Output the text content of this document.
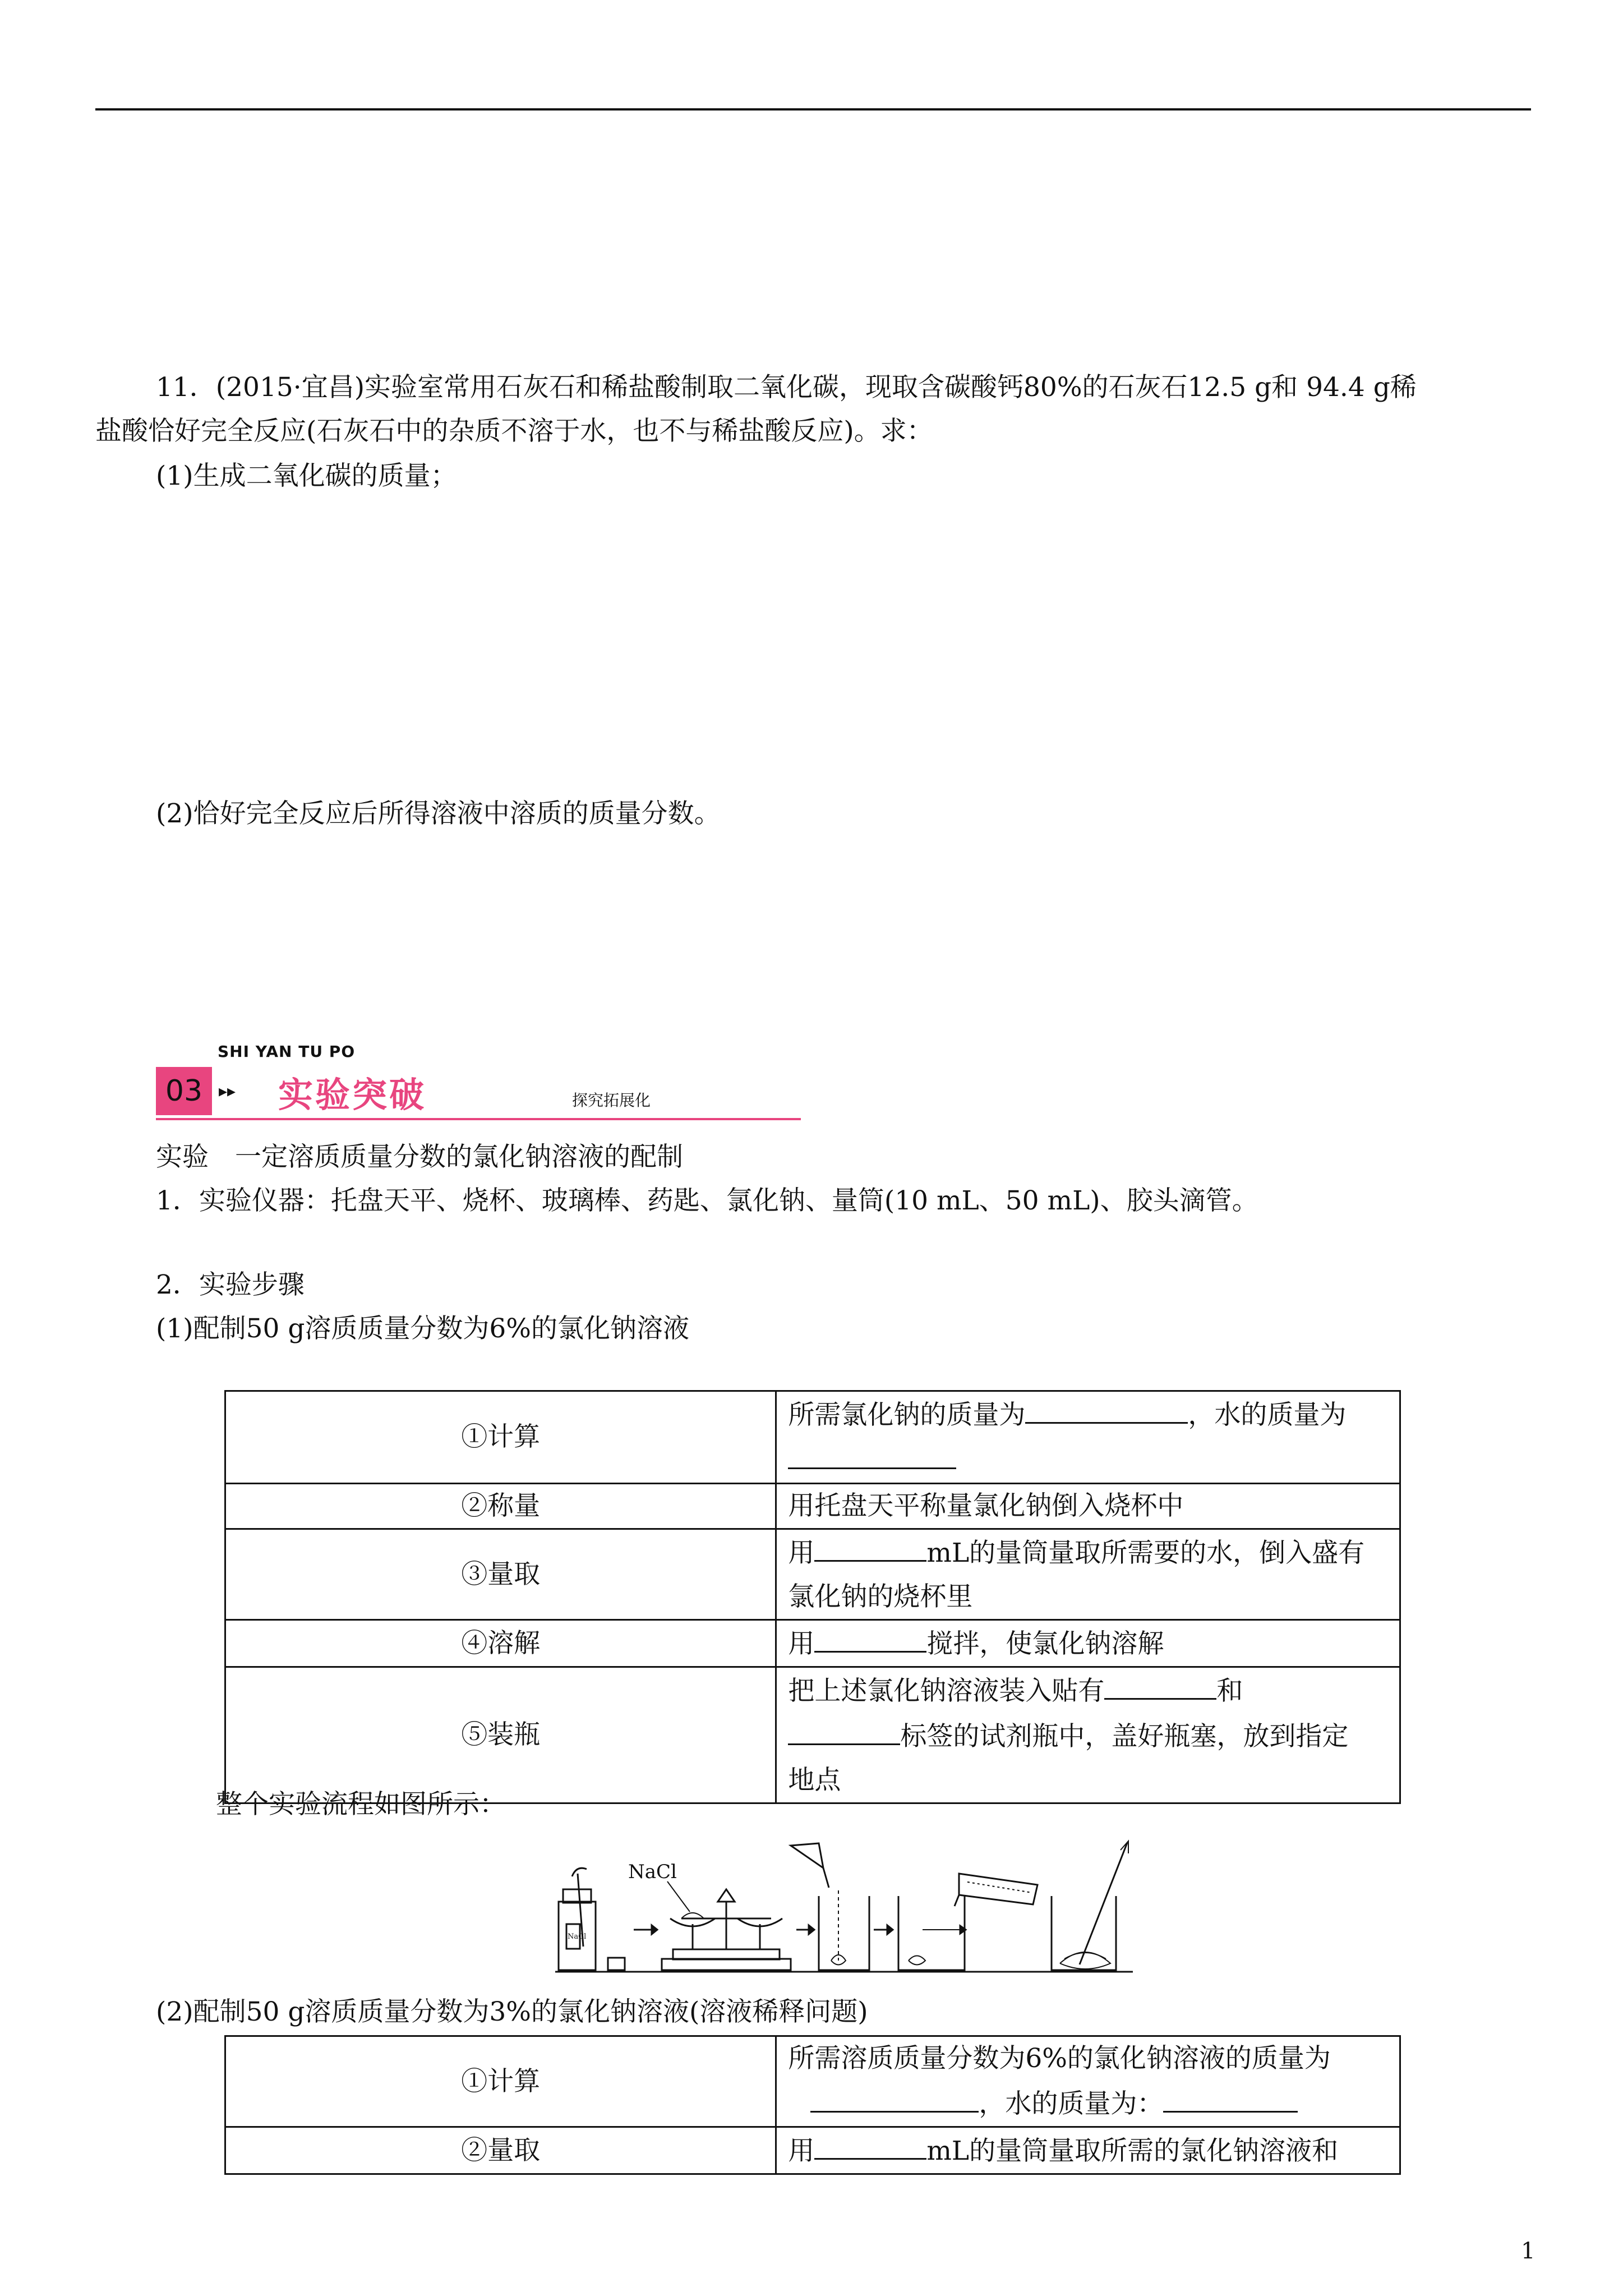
11．(2015·宜昌)实验室常用石灰石和稀盐酸制取二氧化碳，现取含碳酸钙80%的石灰石12.5 g和 94.4 g稀
盐酸恰好完全反应(石灰石中的杂质不溶于水，也不与稀盐酸反应)。求：
(1)生成二氧化碳的质量；
(2)恰好完全反应后所得溶液中溶质的质量分数。
SHI YAN TU PO
03 ▸▸ 实验突破	探究拓展化
实验　一定溶质质量分数的氯化钠溶液的配制
1．实验仪器：托盘天平、烧杯、玻璃棒、药匙、氯化钠、量筒(10 mL、50 mL)、胶头滴管。
2．实验步骤
(1)配制50 g溶质质量分数为6%的氯化钠溶液
①计算	所需氯化钠的质量为 ，水的质量为

②称量	用托盘天平称量氯化钠倒入烧杯中
③量取	用 mL的量筒量取所需要的水，倒入盛有
氯化钠的烧杯里
④溶解	用 搅拌，使氯化钠溶解
⑤装瓶	把上述氯化钠溶液装入贴有 和
标签的试剂瓶中，盖好瓶塞，放到指定
地点
整个实验流程如图所示：
NaCl
NaCl
(2)配制50 g溶质质量分数为3%的氯化钠溶液(溶液稀释问题)
①计算	所需溶质质量分数为6%的氯化钠溶液的质量为
，水的质量为：
②量取	用 mL的量筒量取所需的氯化钠溶液和
1
